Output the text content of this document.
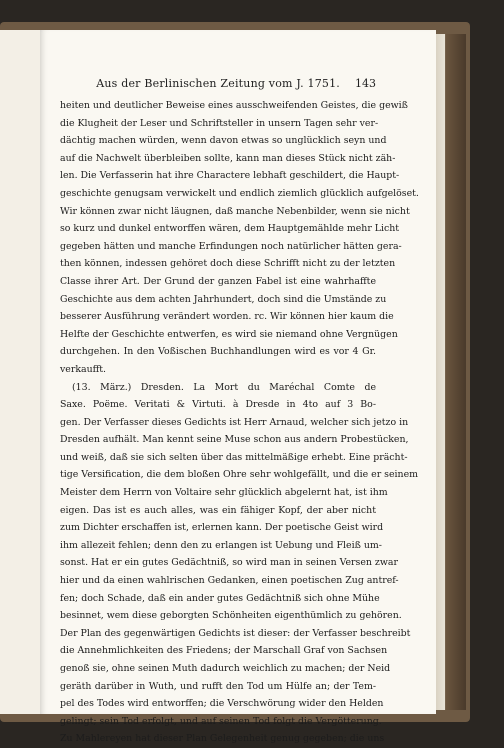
Aus der Berlinischen Zeitung vom J. 1751. 143
heiten und deutlicher Beweise eines ausschweifenden Geistes, die gewiß
die Klugheit der Leser und Schriftsteller in unsern Tagen sehr ver-
dächtig machen würden, wenn davon etwas so unglücklich seyn und
auf die Nachwelt überbleiben sollte, kann man dieses Stück nicht zäh-
len. Die Verfasserin hat ihre Charactere lebhaft geschildert, die Haupt-
geschichte genugsam verwickelt und endlich ziemlich glücklich aufgelöset.
Wir können zwar nicht läugnen, daß manche Nebenbilder, wenn sie nicht
so kurz und dunkel entworffen wären, dem Hauptgemählde mehr Licht
gegeben hätten und manche Erfindungen noch natürlicher hätten gera-
then können, indessen gehöret doch diese Schrifft nicht zu der letzten
Classe ihrer Art. Der Grund der ganzen Fabel ist eine wahrhaffte
Geschichte aus dem achten Jahrhundert, doch sind die Umstände zu
besserer Ausführung verändert worden. rc. Wir können hier kaum die
Helfte der Geschichte entwerfen, es wird sie niemand ohne Vergnügen
durchgehen. In den Voßischen Buchhandlungen wird es vor 4 Gr.
verkaufft.
(13. März.) Dresden. La Mort du Maréchal Comte de
Saxe. Poëme. Veritati & Virtuti. à Dresde in 4to auf 3 Bo-
gen. Der Verfasser dieses Gedichts ist Herr Arnaud, welcher sich jetzo in
Dresden aufhält. Man kennt seine Muse schon aus andern Probestücken,
und weiß, daß sie sich selten über das mittelmäßige erhebt. Eine prächt-
tige Versification, die dem bloßen Ohre sehr wohlgefällt, und die er seinem
Meister dem Herrn von Voltaire sehr glücklich abgelernt hat, ist ihm
eigen. Das ist es auch alles, was ein fähiger Kopf, der aber nicht
zum Dichter erschaffen ist, erlernen kann. Der poetische Geist wird
ihm allezeit fehlen; denn den zu erlangen ist Uebung und Fleiß um-
sonst. Hat er ein gutes Gedächtniß, so wird man in seinen Versen zwar
hier und da einen wahlrischen Gedanken, einen poetischen Zug antref-
fen; doch Schade, daß ein ander gutes Gedächtniß sich ohne Mühe
besinnet, wem diese geborgten Schönheiten eigenthümlich zu gehören.
Der Plan des gegenwärtigen Gedichts ist dieser: der Verfasser beschreibt
die Annehmlichkeiten des Friedens; der Marschall Graf von Sachsen
genoß sie, ohne seinen Muth dadurch weichlich zu machen; der Neid
geräth darüber in Wuth, und rufft den Tod um Hülfe an; der Tem-
pel des Todes wird entworffen; die Verschwörung wider den Helden
gelingt; sein Tod erfolgt, und auf seinen Tod folgt die Vergötterung.
Zu Mahlereyen hat dieser Plan Gelegenheit genug gegeben; die uns
